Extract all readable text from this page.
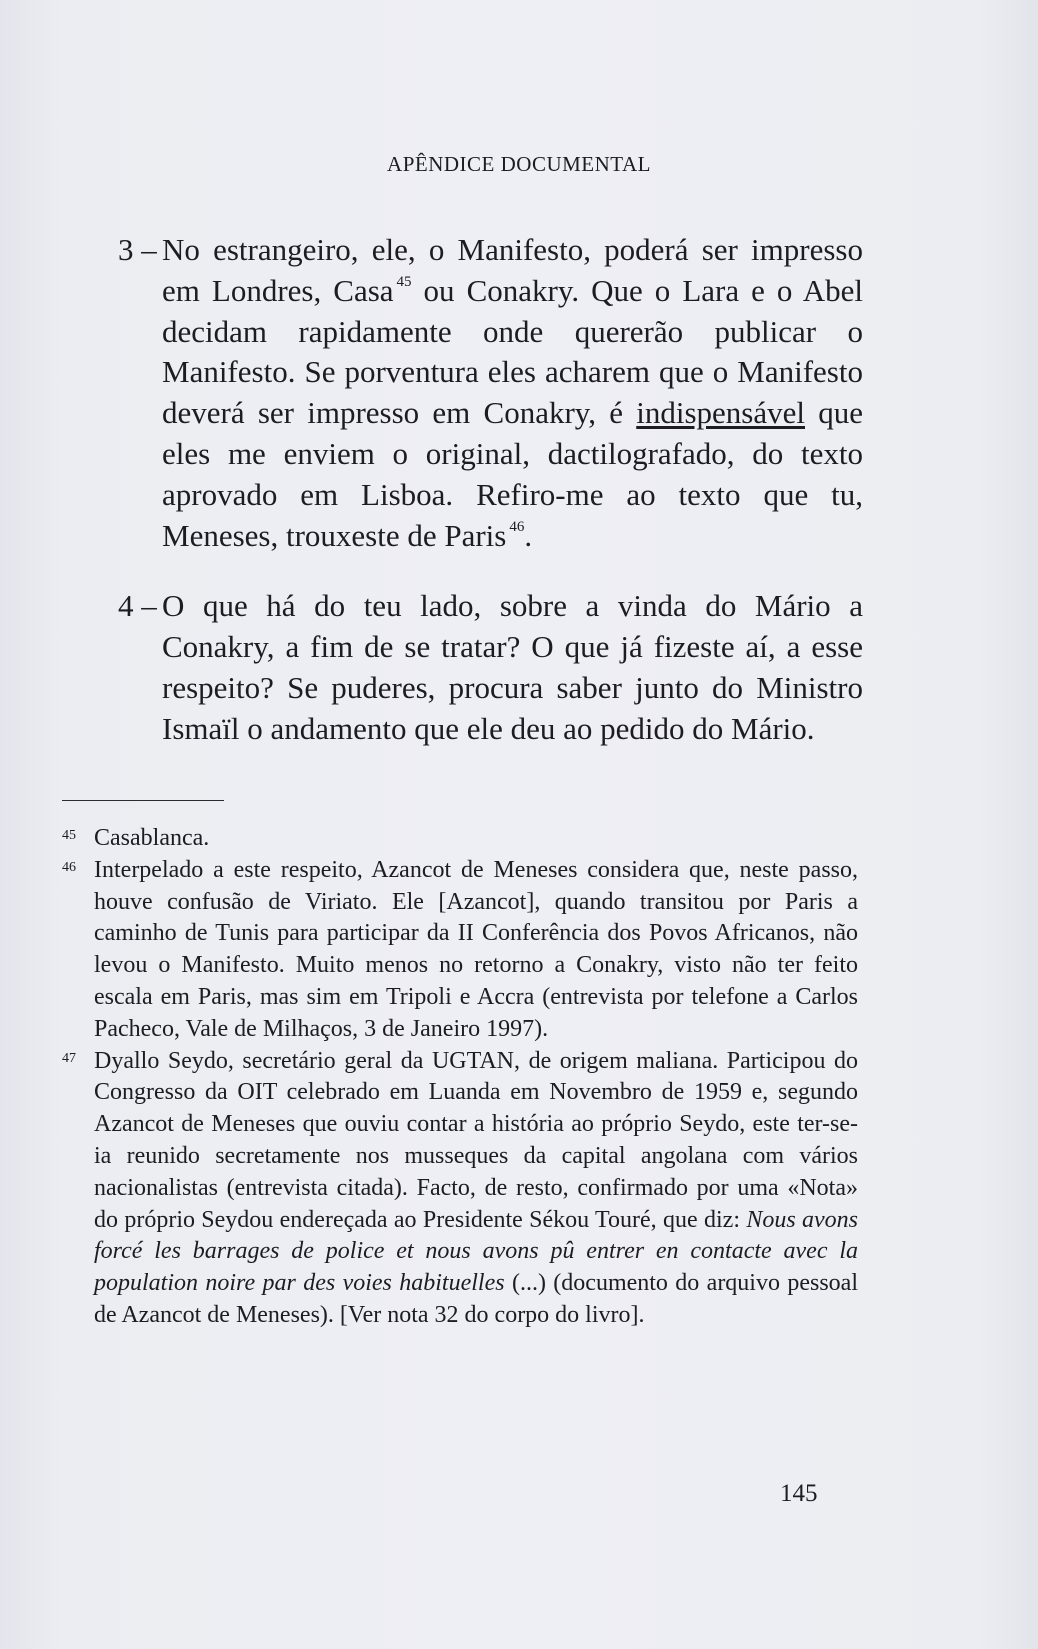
APÊNDICE DOCUMENTAL

3 – No estrangeiro, ele, o Manifesto, poderá ser impresso em Londres, Casa $^{45}$ ou Conakry. Que o Lara e o Abel decidam rapidamente onde quererão publicar o Manifesto. Se porventura eles acharem que o Manifesto deverá ser impresso em Conakry, é indispensável que eles me enviem o original, dactilografado, do texto aprovado em Lisboa. Refiro-me ao texto que tu, Meneses, trouxeste de Paris $^{46}$.

4 – O que há do teu lado, sobre a vinda do Mário a Conakry, a fim de se tratar? O que já fizeste aí, a esse respeito? Se puderes, procura saber junto do Ministro Ismaïl o andamento que ele deu ao pedido do Mário.

45 Casablanca.

46 Interpelado a este respeito, Azancot de Meneses considera que, neste passo, houve confusão de Viriato. Ele [Azancot], quando transitou por Paris a caminho de Tunis para participar da II Conferência dos Povos Africanos, não levou o Manifesto. Muito menos no retorno a Conakry, visto não ter feito escala em Paris, mas sim em Tripoli e Accra (entrevista por telefone a Carlos Pacheco, Vale de Milhaços, 3 de Janeiro 1997).

47 Dyallo Seydo, secretário geral da UGTAN, de origem maliana. Participou do Congresso da OIT celebrado em Luanda em Novembro de 1959 e, segundo Azancot de Meneses que ouviu contar a história ao próprio Seydo, este ter-se-ia reunido secretamente nos musseques da capital angolana com vários nacionalistas (entrevista citada). Facto, de resto, confirmado por uma «Nota» do próprio Seydou endereçada ao Presidente Sékou Touré, que diz: Nous avons forcé les barrages de police et nous avons pû entrer en contacte avec la population noire par des voies habituelles (...) (documento do arquivo pessoal de Azancot de Meneses). [Ver nota 32 do corpo do livro].

145
